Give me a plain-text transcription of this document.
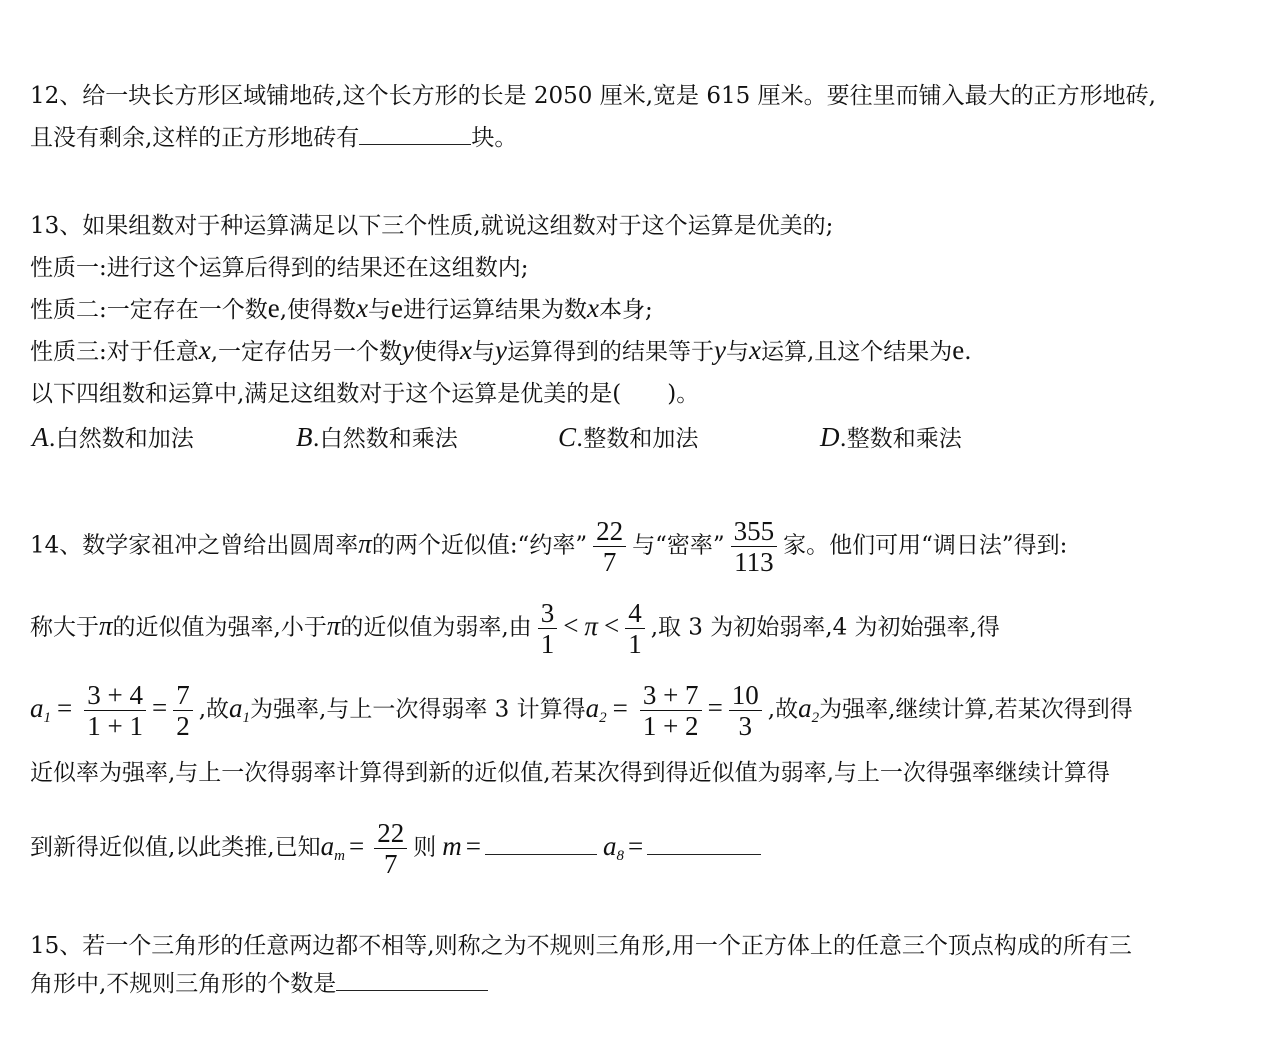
12、给一块长方形区域铺地砖,这个长方形的长是 2050 厘米,宽是 615 厘米。要往里而铺入最大的正方形地砖,
且没有剩余,这样的正方形地砖有	块。
13、如果组数对于种运算满足以下三个性质,就说这组数对于这个运算是优美的;
性质一:进行这个运算后得到的结果还在这组数内;
性质二:一定存在一个数e,使得数x与e进行运算结果为数x本身;
性质三:对于任意x,一定存估另一个数y使得x与y运算得到的结果等于y与x运算,且这个结果为e.
以下四组数和运算中,满足这组数对于这个运算是优美的是(　　)。
A.白然数和加法	B.白然数和乘法	C.整数和加法	D.整数和乘法
14、数学家祖冲之曾给出圆周率π的两个近似值:“约率” $\frac{22}{7}$ 与“密率” $\frac{355}{113}$ 家。他们可用“调日法”得到:
称大于π的近似值为强率,小于π的近似值为弱率,由 $\frac{3}{1} < \pi < \frac{4}{1}$ ,取 3 为初始弱率,4 为初始强率,得
$a_1 = \frac{3 + 4}{1 + 1} = \frac{7}{2}$ ,故$a_1$为强率,与上一次得弱率 3 计算得$a_2 = \frac{3 + 7}{1 + 2} = \frac{10}{3}$ ,故$a_2$为强率,继续计算,若某次得到得
近似率为强率,与上一次得弱率计算得到新的近似值,若某次得到得近似值为弱率,与上一次得强率继续计算得
到新得近似值,以此类推,已知$a_m = \frac{22}{7}$ 则 m =	$a_8$ =
15、若一个三角形的任意两边都不相等,则称之为不规则三角形,用一个正方体上的任意三个顶点构成的所有三
角形中,不规则三角形的个数是
